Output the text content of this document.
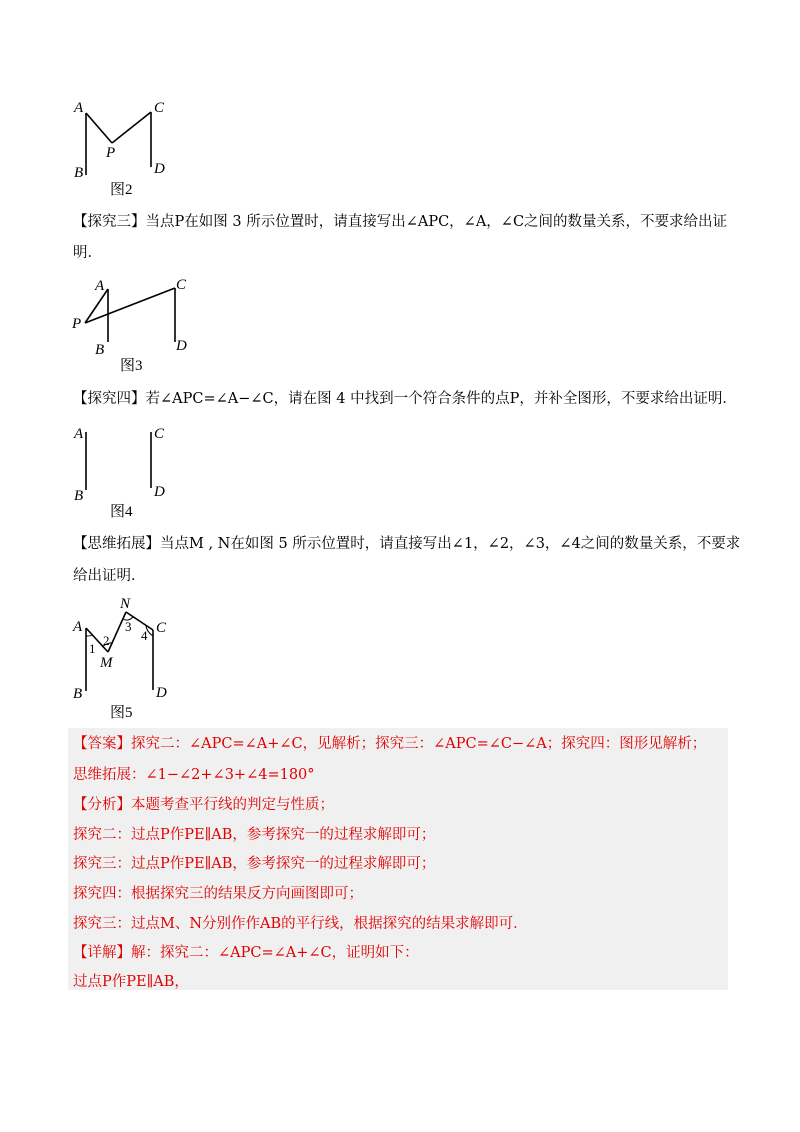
A
B
P
C
D
图2
【探究三】当点P在如图 3 所示位置时，请直接写出∠APC，∠A，∠C之间的数量关系，不要求给出证
明．
A
P
B
C
D
图3
【探究四】若∠APC=∠A−∠C，请在图 4 中找到一个符合条件的点P，并补全图形，不要求给出证明．
A
B
C
D
图4
【思维拓展】当点M , N在如图 5 所示位置时，请直接写出∠1，∠2，∠3，∠4之间的数量关系，不要求
给出证明．
A
B
N
M
C
D
1
2
3
4
图5
【答案】探究二：∠APC=∠A+∠C，见解析；探究三：∠APC=∠C−∠A；探究四：图形见解析；
思维拓展：∠1−∠2+∠3+∠4=180°
【分析】本题考查平行线的判定与性质；
探究二：过点P作PE∥AB，参考探究一的过程求解即可；
探究三：过点P作PE∥AB，参考探究一的过程求解即可；
探究四：根据探究三的结果反方向画图即可；
探究三：过点M、N分别作作AB的平行线，根据探究的结果求解即可．
【详解】解：探究二：∠APC=∠A+∠C，证明如下：
过点P作PE∥AB，
